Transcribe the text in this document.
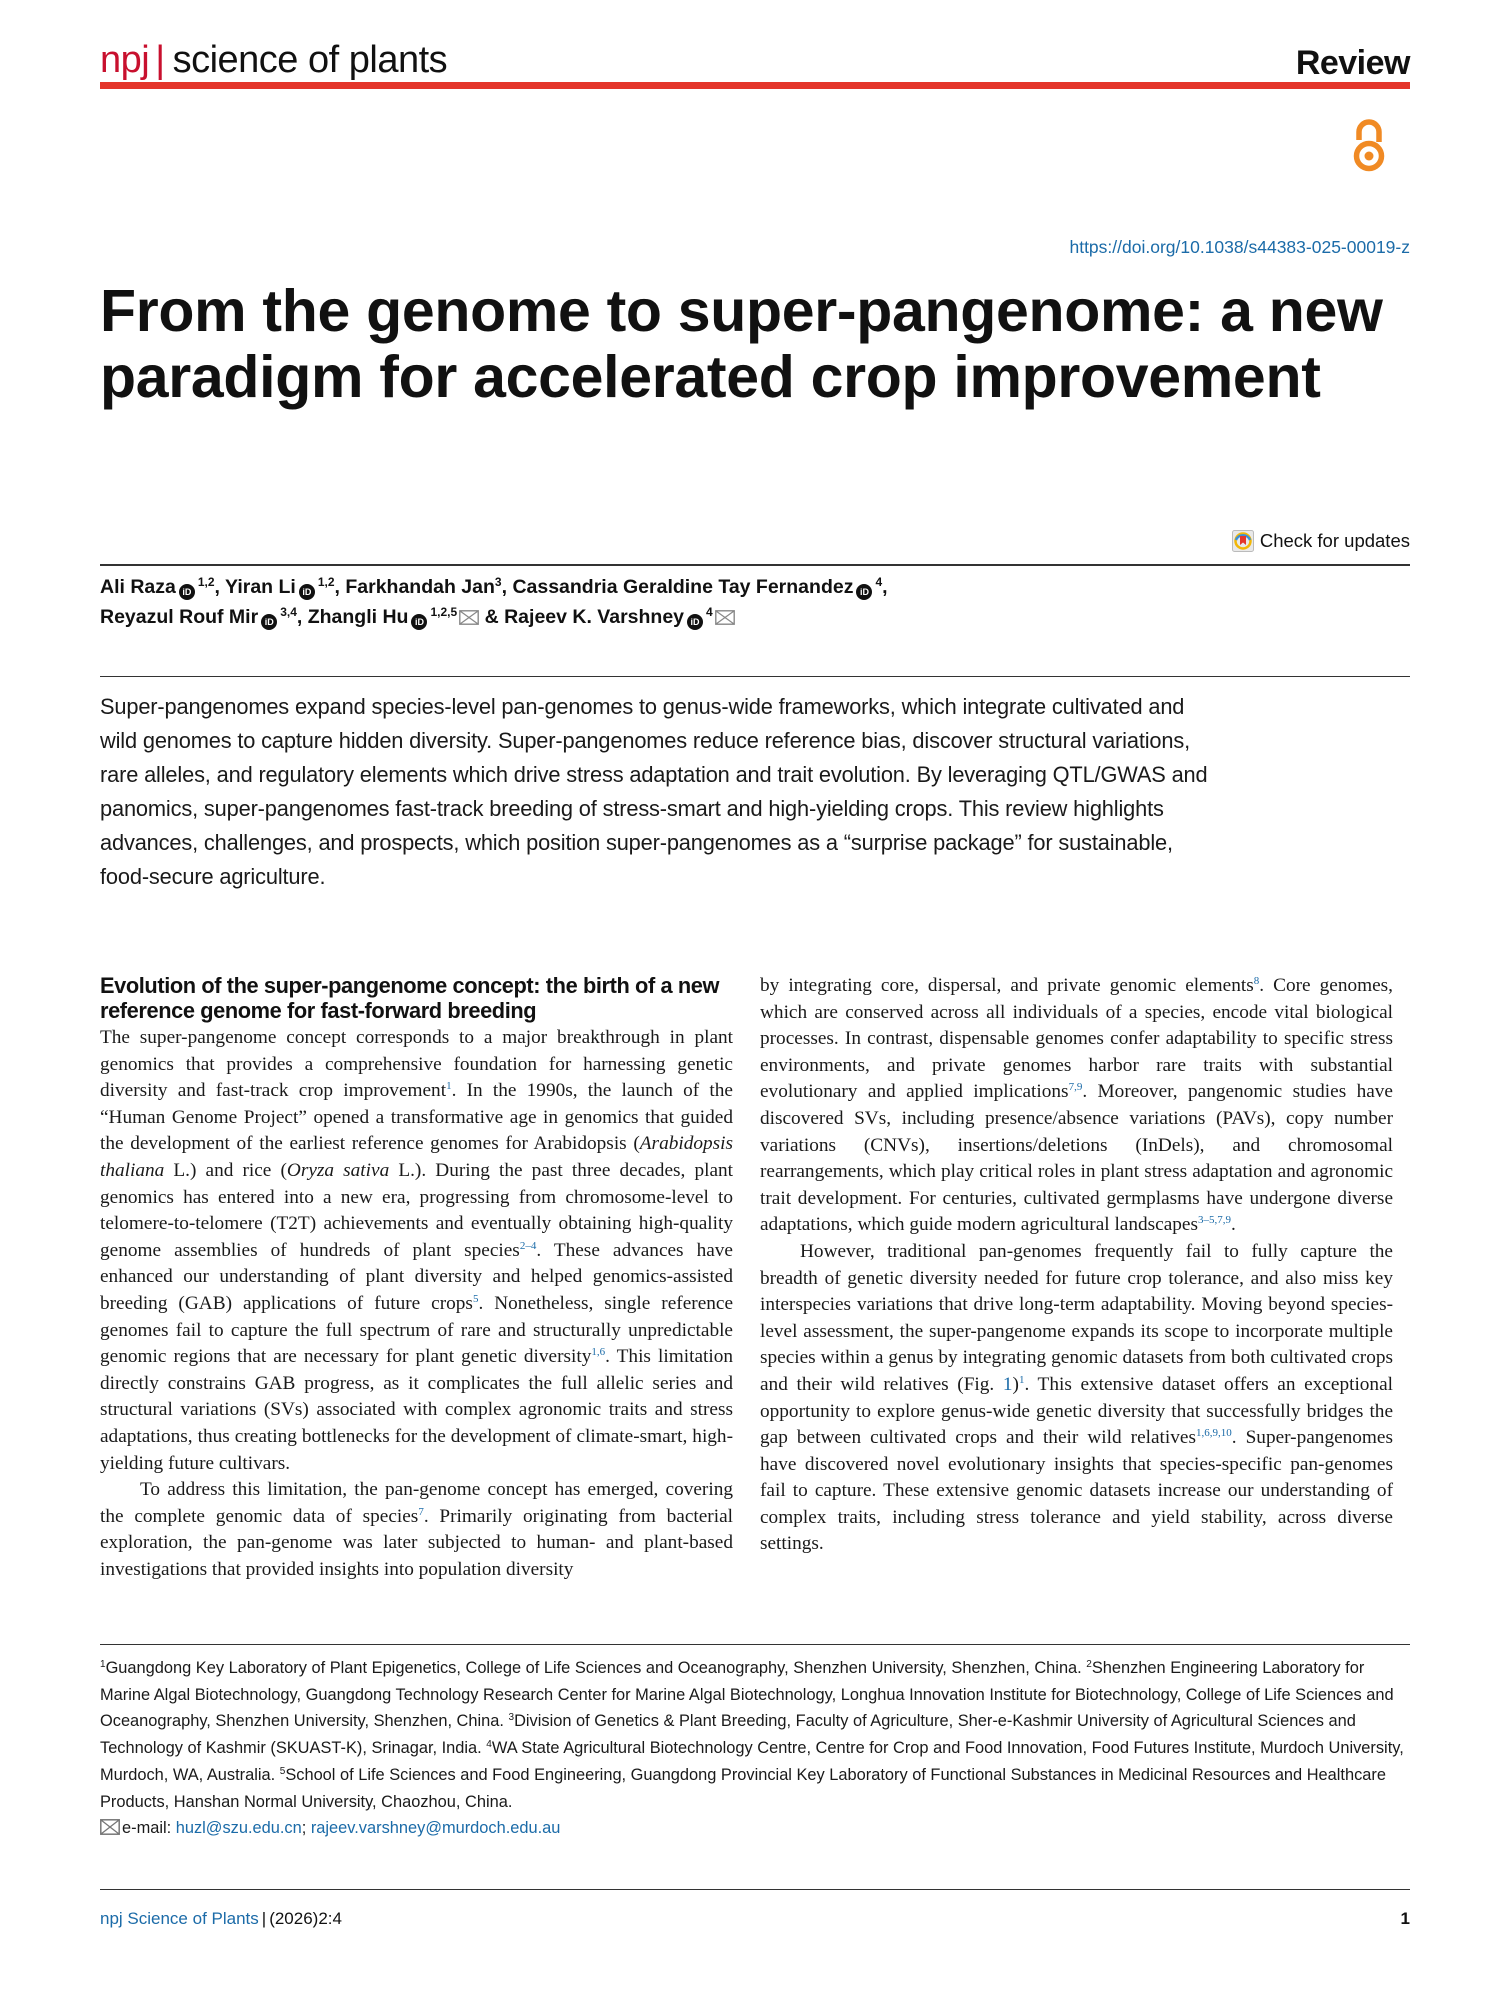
npj | science of plants	Review
https://doi.org/10.1038/s44383-025-00019-z
From the genome to super-pangenome: a new paradigm for accelerated crop improvement
Check for updates
Ali Raza iD$^{1,2}$, Yiran Li iD$^{1,2}$, Farkhandah Jan$^3$, Cassandria Geraldine Tay Fernandez $iD^4$,
Reyazul Rouf Mir iD$^{3,4}$, Zhangli Hu iD$^{1,2,5}$ & Rajeev K. Varshney $iD^4$
Super-pangenomes expand species-level pan-genomes to genus-wide frameworks, which integrate cultivated and wild genomes to capture hidden diversity. Super-pangenomes reduce reference bias, discover structural variations, rare alleles, and regulatory elements which drive stress adaptation and trait evolution. By leveraging QTL/GWAS and panomics, super-pangenomes fast-track breeding of stress-smart and high-yielding crops. This review highlights advances, challenges, and prospects, which position super-pangenomes as a “surprise package” for sustainable, food-secure agriculture.
Evolution of the super-pangenome concept: the birth of a new reference genome for fast-forward breeding

The super-pangenome concept corresponds to a major breakthrough in plant genomics that provides a comprehensive foundation for harnessing genetic diversity and fast-track crop improvement$^1$. In the 1990s, the launch of the “Human Genome Project” opened a transformative age in genomics that guided the development of the earliest reference genomes for Arabidopsis (Arabidopsis thaliana L.) and rice (Oryza sativa L.). During the past three decades, plant genomics has entered into a new era, progressing from chromosome-level to telomere-to-telomere (T2T) achievements and eventually obtaining high-quality genome assemblies of hundreds of plant species$^{2-4}$. These advances have enhanced our understanding of plant diversity and helped genomics-assisted breeding (GAB) applications of future crops$^5$. Nonetheless, single reference genomes fail to capture the full spectrum of rare and structurally unpredictable genomic regions that are necessary for plant genetic diversity$^{1,6}$. This limitation directly constrains GAB progress, as it complicates the full allelic series and structural variations (SVs) associated with complex agronomic traits and stress adaptations, thus creating bottlenecks for the development of climate-smart, high-yielding future cultivars.

To address this limitation, the pan-genome concept has emerged, covering the complete genomic data of species$^7$. Primarily originating from bacterial exploration, the pan-genome was later subjected to human- and plant-based investigations that provided insights into population diversity

by integrating core, dispersal, and private genomic elements$^8$. Core genomes, which are conserved across all individuals of a species, encode vital biological processes. In contrast, dispensable genomes confer adaptability to specific stress environments, and private genomes harbor rare traits with substantial evolutionary and applied implications$^{7,9}$. Moreover, pangenomic studies have discovered SVs, including presence/absence variations (PAVs), copy number variations (CNVs), insertions/deletions (InDels), and chromosomal rearrangements, which play critical roles in plant stress adaptation and agronomic trait development. For centuries, cultivated germplasms have undergone diverse adaptations, which guide modern agricultural landscapes$^{3-5,7,9}$.

However, traditional pan-genomes frequently fail to fully capture the breadth of genetic diversity needed for future crop tolerance, and also miss key interspecies variations that drive long-term adaptability. Moving beyond species-level assessment, the super-pangenome expands its scope to incorporate multiple species within a genus by integrating genomic datasets from both cultivated crops and their wild relatives (Fig. 1)$^1$. This extensive dataset offers an exceptional opportunity to explore genus-wide genetic diversity that successfully bridges the gap between cultivated crops and their wild relatives$^{1,6,9,10}$. Super-pangenomes have discovered novel evolutionary insights that species-specific pan-genomes fail to capture. These extensive genomic datasets increase our understanding of complex traits, including stress tolerance and yield stability, across diverse settings.

$^1$Guangdong Key Laboratory of Plant Epigenetics, College of Life Sciences and Oceanography, Shenzhen University, Shenzhen, China. $^2$Shenzhen Engineering Laboratory for Marine Algal Biotechnology, Guangdong Technology Research Center for Marine Algal Biotechnology, Longhua Innovation Institute for Biotechnology, College of Life Sciences and Oceanography, Shenzhen University, Shenzhen, China. $^3$Division of Genetics & Plant Breeding, Faculty of Agriculture, Sher-e-Kashmir University of Agricultural Sciences and Technology of Kashmir (SKUAST-K), Srinagar, India. $^4$WA State Agricultural Biotechnology Centre, Centre for Crop and Food Innovation, Food Futures Institute, Murdoch University, Murdoch, WA, Australia. $^5$School of Life Sciences and Food Engineering, Guangdong Provincial Key Laboratory of Functional Substances in Medicinal Resources and Healthcare Products, Hanshan Normal University, Chaozhou, China.
e-mail: huzl@szu.edu.cn; rajeev.varshney@murdoch.edu.au
npj Science of Plants | (2026)2:4	1
